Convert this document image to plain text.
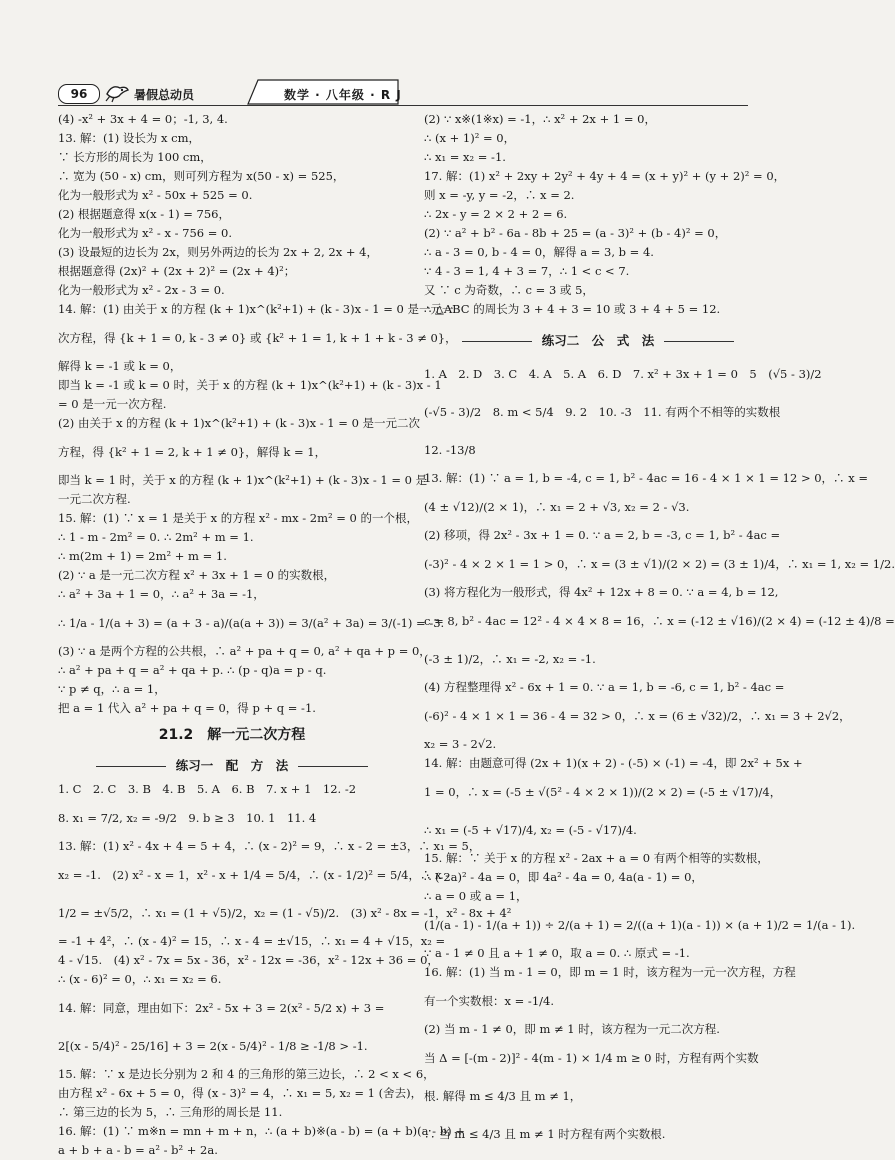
96	暑假总动员	数学 · 八年级 · R J
(4) -x² + 3x + 4 = 0；-1, 3, 4.
13. 解：(1) 设长为 x cm，
∵ 长方形的周长为 100 cm，
∴ 宽为 (50 - x) cm，则可列方程为 x(50 - x) = 525，
化为一般形式为 x² - 50x + 525 = 0.
(2) 根据题意得 x(x - 1) = 756，
化为一般形式为 x² - x - 756 = 0.
(3) 设最短的边长为 2x，则另外两边的长为 2x + 2, 2x + 4，
根据题意得 (2x)² + (2x + 2)² = (2x + 4)²；
化为一般形式为 x² - 2x - 3 = 0.
14. 解：(1) 由关于 x 的方程 (k + 1)x^(k²+1) + (k - 3)x - 1 = 0 是一元一
次方程，得 {k + 1 = 0, k - 3 ≠ 0} 或 {k² + 1 = 1, k + 1 + k - 3 ≠ 0}，
解得 k = -1 或 k = 0，
即当 k = -1 或 k = 0 时，关于 x 的方程 (k + 1)x^(k²+1) + (k - 3)x - 1
= 0 是一元一次方程.
(2) 由关于 x 的方程 (k + 1)x^(k²+1) + (k - 3)x - 1 = 0 是一元二次
方程，得 {k² + 1 = 2, k + 1 ≠ 0}，解得 k = 1，
即当 k = 1 时，关于 x 的方程 (k + 1)x^(k²+1) + (k - 3)x - 1 = 0 是
一元二次方程.
15. 解：(1) ∵ x = 1 是关于 x 的方程 x² - mx - 2m² = 0 的一个根，
∴ 1 - m - 2m² = 0. ∴ 2m² + m = 1.
∴ m(2m + 1) = 2m² + m = 1.
(2) ∵ a 是一元二次方程 x² + 3x + 1 = 0 的实数根，
∴ a² + 3a + 1 = 0，∴ a² + 3a = -1，
∴ 1/a - 1/(a + 3) = (a + 3 - a)/(a(a + 3)) = 3/(a² + 3a) = 3/(-1) = -3.
(3) ∵ a 是两个方程的公共根，∴ a² + pa + q = 0, a² + qa + p = 0，
∴ a² + pa + q = a² + qa + p. ∴ (p - q)a = p - q.
∵ p ≠ q，∴ a = 1，
把 a = 1 代入 a² + pa + q = 0，得 p + q = -1.
21.2　解一元二次方程
练习一　配　方　法
1. C　2. C　3. B　4. B　5. A　6. B　7. x + 1　12. -2
8. x₁ = 7/2, x₂ = -9/2　9. b ≥ 3　10. 1　11. 4
13. 解：(1) x² - 4x + 4 = 5 + 4，∴ (x - 2)² = 9，∴ x - 2 = ±3，∴ x₁ = 5，
x₂ = -1.　(2) x² - x = 1，x² - x + 1/4 = 5/4，∴ (x - 1/2)² = 5/4，∴ x -
1/2 = ±√5/2，∴ x₁ = (1 + √5)/2，x₂ = (1 - √5)/2.　(3) x² - 8x = -1，x² - 8x + 4²
= -1 + 4²，∴ (x - 4)² = 15，∴ x - 4 = ±√15，∴ x₁ = 4 + √15，x₂ =
4 - √15.　(4) x² - 7x = 5x - 36，x² - 12x = -36，x² - 12x + 36 = 0，
∴ (x - 6)² = 0，∴ x₁ = x₂ = 6.
14. 解：同意，理由如下：2x² - 5x + 3 = 2(x² - 5/2 x) + 3 =
2[(x - 5/4)² - 25/16] + 3 = 2(x - 5/4)² - 1/8 ≥ -1/8 > -1.
15. 解：∵ x 是边长分别为 2 和 4 的三角形的第三边长，∴ 2 < x < 6，
由方程 x² - 6x + 5 = 0，得 (x - 3)² = 4，∴ x₁ = 5, x₂ = 1 (舍去)，
∴ 第三边的长为 5，∴ 三角形的周长是 11.
16. 解：(1) ∵ m※n = mn + m + n，∴ (a + b)※(a - b) = (a + b)(a - b) +
a + b + a - b = a² - b² + 2a.
(2) ∵ x※(1※x) = -1，∴ x² + 2x + 1 = 0，
∴ (x + 1)² = 0，
∴ x₁ = x₂ = -1.
17. 解：(1) x² + 2xy + 2y² + 4y + 4 = (x + y)² + (y + 2)² = 0，
则 x = -y, y = -2，∴ x = 2.
∴ 2x - y = 2 × 2 + 2 = 6.
(2) ∵ a² + b² - 6a - 8b + 25 = (a - 3)² + (b - 4)² = 0，
∴ a - 3 = 0, b - 4 = 0，解得 a = 3, b = 4.
∵ 4 - 3 = 1, 4 + 3 = 7，∴ 1 < c < 7.
又 ∵ c 为奇数，∴ c = 3 或 5，
∴ △ABC 的周长为 3 + 4 + 3 = 10 或 3 + 4 + 5 = 12.
练习二　公　式　法
1. A　2. D　3. C　4. A　5. A　6. D　7. x² + 3x + 1 = 0　5　(√5 - 3)/2
(-√5 - 3)/2　8. m < 5/4　9. 2　10. -3　11. 有两个不相等的实数根
12. -13/8
13. 解：(1) ∵ a = 1, b = -4, c = 1, b² - 4ac = 16 - 4 × 1 × 1 = 12 > 0，∴ x =
(4 ± √12)/(2 × 1)，∴ x₁ = 2 + √3, x₂ = 2 - √3.
(2) 移项，得 2x² - 3x + 1 = 0. ∵ a = 2, b = -3, c = 1, b² - 4ac =
(-3)² - 4 × 2 × 1 = 1 > 0，∴ x = (3 ± √1)/(2 × 2) = (3 ± 1)/4，∴ x₁ = 1, x₂ = 1/2.
(3) 将方程化为一般形式，得 4x² + 12x + 8 = 0. ∵ a = 4, b = 12,
c = 8, b² - 4ac = 12² - 4 × 4 × 8 = 16，∴ x = (-12 ± √16)/(2 × 4) = (-12 ± 4)/8 =
(-3 ± 1)/2，∴ x₁ = -2, x₂ = -1.
(4) 方程整理得 x² - 6x + 1 = 0. ∵ a = 1, b = -6, c = 1, b² - 4ac =
(-6)² - 4 × 1 × 1 = 36 - 4 = 32 > 0，∴ x = (6 ± √32)/2，∴ x₁ = 3 + 2√2，
x₂ = 3 - 2√2.
14. 解：由题意可得 (2x + 1)(x + 2) - (-5) × (-1) = -4，即 2x² + 5x +
1 = 0，∴ x = (-5 ± √(5² - 4 × 2 × 1))/(2 × 2) = (-5 ± √17)/4，
∴ x₁ = (-5 + √17)/4, x₂ = (-5 - √17)/4.
15. 解：∵ 关于 x 的方程 x² - 2ax + a = 0 有两个相等的实数根，
∴ (-2a)² - 4a = 0，即 4a² - 4a = 0, 4a(a - 1) = 0，
∴ a = 0 或 a = 1，
(1/(a - 1) - 1/(a + 1)) ÷ 2/(a + 1) = 2/((a + 1)(a - 1)) × (a + 1)/2 = 1/(a - 1).
∵ a - 1 ≠ 0 且 a + 1 ≠ 0，取 a = 0. ∴ 原式 = -1.
16. 解：(1) 当 m - 1 = 0，即 m = 1 时，该方程为一元一次方程，方程
有一个实数根：x = -1/4.
(2) 当 m - 1 ≠ 0，即 m ≠ 1 时，该方程为一元二次方程.
当 Δ = [-(m - 2)]² - 4(m - 1) × 1/4 m ≥ 0 时，方程有两个实数
根. 解得 m ≤ 4/3 且 m ≠ 1，
∴ 当 m ≤ 4/3 且 m ≠ 1 时方程有两个实数根.
